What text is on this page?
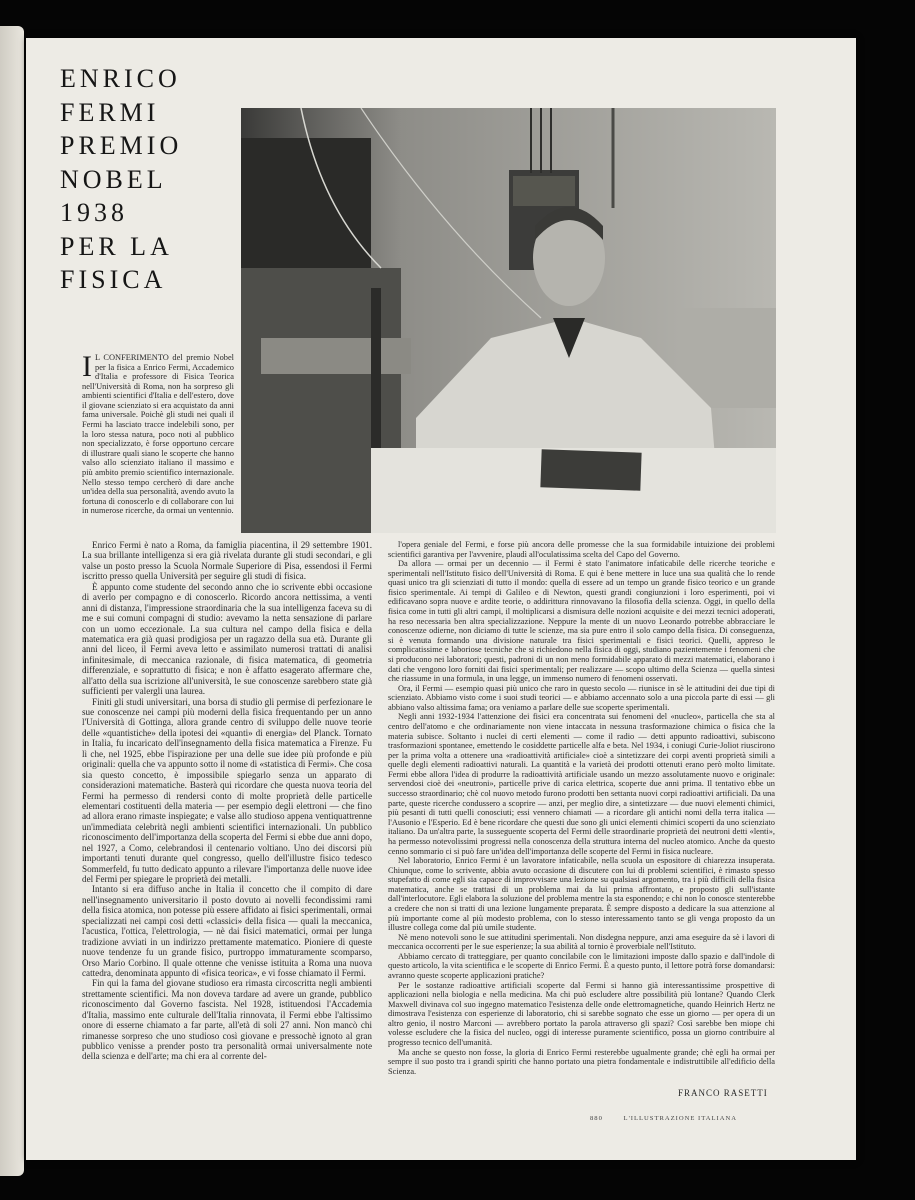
ENRICO
FERMI
PREMIO
NOBEL
1938
PER LA
FISICA

I L CONFERIMENTO del premio Nobel per la fisica a Enrico Fermi, Accademico d'Italia e professore di Fisica Teorica nell'Università di Roma, non ha sorpreso gli ambienti scientifici d'Italia e dell'estero, dove il giovane scienziato si era acquistato da anni fama universale. Poichè gli studi nei quali il Fermi ha lasciato tracce indelebili sono, per la loro stessa natura, poco noti al pubblico non specializzato, è forse opportuno cercare di illustrare quali siano le scoperte che hanno valso allo scienziato italiano il massimo e più ambito premio scientifico internazionale. Nello stesso tempo cercherò di dare anche un'idea della sua personalità, avendo avuto la fortuna di conoscerlo e di collaborare con lui in numerose ricerche, da ormai un ventennio.

Enrico Fermi è nato a Roma, da famiglia piacentina, il 29 settembre 1901. La sua brillante intelligenza si era già rivelata durante gli studi secondari, e gli valse un posto presso la Scuola Normale Superiore di Pisa, essendosi il Fermi iscritto presso quella Università per seguire gli studi di fisica.

È appunto come studente del secondo anno che io scrivente ebbi occasione di averlo per compagno e di conoscerlo. Ricordo ancora nettissima, a venti anni di distanza, l'impressione straordinaria che la sua intelligenza faceva su di me e sui comuni compagni di studio: avevamo la netta sensazione di parlare con un uomo eccezionale. La sua cultura nel campo della fisica e della matematica era già quasi prodigiosa per un ragazzo della sua età. Durante gli anni del liceo, il Fermi aveva letto e assimilato numerosi trattati di analisi infinitesimale, di meccanica razionale, di fisica matematica, di geometria differenziale, e soprattutto di fisica; e non è affatto esagerato affermare che, all'atto della sua iscrizione all'università, le sue conoscenze sarebbero state già sufficienti per valergli una laurea.

Finiti gli studi universitari, una borsa di studio gli permise di perfezionare le sue conoscenze nei campi più moderni della fisica frequentando per un anno l'Università di Gottinga, allora grande centro di sviluppo delle nuove teorie delle «quantistiche» della ipotesi dei «quanti» di energia» del Planck. Tornato in Italia, fu incaricato dell'insegnamento della fisica matematica a Firenze. Fu lì che, nel 1925, ebbe l'ispirazione per una delle sue idee più profonde e più originali: quella che va appunto sotto il nome di «statistica di Fermi». Che cosa sia questo concetto, è impossibile spiegarlo senza un apparato di considerazioni matematiche. Basterà qui ricordare che questa nuova teoria del Fermi ha permesso di rendersi conto di molte proprietà delle particelle elementari costituenti della materia — per esempio degli elettroni — che fino ad allora erano rimaste inspiegate; e valse allo studioso appena ventiquattrenne un'immediata celebrità negli ambienti scientifici internazionali. Un pubblico riconoscimento dell'importanza della scoperta del Fermi si ebbe due anni dopo, nel 1927, a Como, celebrandosi il centenario voltiano. Uno dei discorsi più importanti tenuti durante quel congresso, quello dell'illustre fisico tedesco Sommerfeld, fu tutto dedicato appunto a rilevare l'importanza delle nuove idee del Fermi per spiegare le proprietà dei metalli.

Intanto si era diffuso anche in Italia il concetto che il compito di dare nell'insegnamento universitario il posto dovuto ai novelli fecondissimi rami della fisica atomica, non potesse più essere affidato ai fisici sperimentali, ormai specializzati nei campi così detti «classici» della fisica — quali la meccanica, l'acustica, l'ottica, l'elettrologia, — nè dai fisici matematici, ormai per lunga tradizione avviati in un indirizzo prettamente matematico. Pioniere di queste nuove tendenze fu un grande fisico, purtroppo immaturamente scomparso, Orso Mario Corbino. Il quale ottenne che venisse istituita a Roma una nuova cattedra, denominata appunto di «fisica teorica», e vi fosse chiamato il Fermi.

Fin qui la fama del giovane studioso era rimasta circoscritta negli ambienti strettamente scientifici. Ma non doveva tardare ad avere un grande, pubblico riconoscimento dal Governo fascista. Nel 1928, istituendosi l'Accademia d'Italia, massimo ente culturale dell'Italia rinnovata, il Fermi ebbe l'altissimo onore di esserne chiamato a far parte, all'età di soli 27 anni. Non mancò chi rimanesse sorpreso che uno studioso così giovane e pressochè ignoto al gran pubblico venisse a prender posto tra personalità ormai universalmente note della scienza e dell'arte; ma chi era al corrente del-

l'opera geniale del Fermi, e forse più ancora delle promesse che la sua formidabile intuizione dei problemi scientifici garantiva per l'avvenire, plaudì all'oculatissima scelta del Capo del Governo.

Da allora — ormai per un decennio — il Fermi è stato l'animatore infaticabile delle ricerche teoriche e sperimentali nell'Istituto fisico dell'Università di Roma. E qui è bene mettere in luce una sua qualità che lo rende quasi unico tra gli scienziati di tutto il mondo: quella di essere ad un tempo un grande fisico teorico e un grande fisico sperimentale. Ai tempi di Galileo e di Newton, questi grandi congiunzioni i loro esperimenti, poi vi edificavano sopra nuove e ardite teorie, o addirittura rinnovavano la filosofia della scienza. Oggi, in quello della fisica come in tutti gli altri campi, il moltiplicarsi a dismisura delle nozioni acquisite e dei mezzi tecnici adoperati, ha reso necessaria ben altra specializzazione. Neppure la mente di un nuovo Leonardo potrebbe abbracciare le conoscenze odierne, non diciamo di tutte le scienze, ma sia pure entro il solo campo della fisica. Di conseguenza, si è venuta formando una divisione naturale tra fisici sperimentali e fisici teorici. Quelli, appreso le complicatissime e laboriose tecniche che si richiedono nella fisica di oggi, studiano pazientemente i fenomeni che si producono nei laboratori; questi, padroni di un non meno formidabile apparato di mezzi matematici, elaborano i dati che vengono loro forniti dai fisici sperimentali; per realizzare — scopo ultimo della Scienza — quella sintesi che riassume in una formula, in una legge, un immenso numero di fenomeni osservati.

Ora, il Fermi — esempio quasi più unico che raro in questo secolo — riunisce in sè le attitudini dei due tipi di scienziato. Abbiamo visto come i suoi studi teorici — e abbiamo accennato solo a una piccola parte di essi — gli abbiano valso altissima fama; ora veniamo a parlare delle sue scoperte sperimentali.

Negli anni 1932-1934 l'attenzione dei fisici era concentrata sui fenomeni del «nucleo», particella che sta al centro dell'atomo e che ordinariamente non viene intaccata in nessuna trasformazione chimica o fisica che la materia subisce. Soltanto i nuclei di certi elementi — come il radio — detti appunto radioattivi, subiscono trasformazioni spontanee, emettendo le cosiddette particelle alfa e beta. Nel 1934, i coniugi Curie-Joliot riuscirono per la prima volta a ottenere una «radioattività artificiale» cioè a sintetizzare dei corpi aventi proprietà simili a quelle degli elementi radioattivi naturali. La quantità e la varietà dei prodotti ottenuti erano però molto limitate. Fermi ebbe allora l'idea di produrre la radioattività artificiale usando un mezzo assolutamente nuovo e originale: servendosi cioè dei «neutroni», particelle prive di carica elettrica, scoperte due anni prima. Il tentativo ebbe un successo straordinario; chè col nuovo metodo furono prodotti ben settanta nuovi corpi radioattivi artificiali. Da una parte, queste ricerche condussero a scoprire — anzi, per meglio dire, a sintetizzare — due nuovi elementi chimici, più pesanti di tutti quelli conosciuti; essi vennero chiamati — a ricordare gli antichi nomi della terra italica — l'Ausonio e l'Esperio. Ed è bene ricordare che questi due sono gli unici elementi chimici scoperti da uno scienziato italiano. Da un'altra parte, la susseguente scoperta del Fermi delle straordinarie proprietà dei neutroni detti «lenti», ha permesso notevolissimi progressi nella conoscenza della struttura interna del nucleo atomico. Anche da questo cenno sommario ci si può fare un'idea dell'importanza delle scoperte del Fermi in fisica nucleare.

Nel laboratorio, Enrico Fermi è un lavoratore infaticabile, nella scuola un espositore di chiarezza insuperata. Chiunque, come lo scrivente, abbia avuto occasione di discutere con lui di problemi scientifici, è rimasto spesso stupefatto di come egli sia capace di improvvisare una lezione su qualsiasi argomento, tra i più difficili della fisica matematica, anche se trattasi di un problema mai da lui prima affrontato, e proposto gli sull'istante dall'interlocutore. Egli elabora la soluzione del problema mentre la sta esponendo; e chi non lo conosce stenterebbe a credere che non si tratti di una lezione lungamente preparata. È sempre disposto a dedicare la sua attenzione al più importante come al più modesto problema, con lo stesso interessamento tanto se gli venga proposto da un illustre collega come dal più umile studente.

Nè meno notevoli sono le sue attitudini sperimentali. Non disdegna neppure, anzi ama eseguire da sè i lavori di meccanica occorrenti per le sue esperienze; la sua abilità al tornio è proverbiale nell'Istituto.

Abbiamo cercato di tratteggiare, per quanto concilabile con le limitazioni imposte dallo spazio e dall'indole di questo articolo, la vita scientifica e le scoperte di Enrico Fermi. È a questo punto, il lettore potrà forse domandarsi: avranno queste scoperte applicazioni pratiche?

Per le sostanze radioattive artificiali scoperte dal Fermi si hanno già interessantissime prospettive di applicazioni nella biologia e nella medicina. Ma chi può escludere altre possibilità più lontane? Quando Clerk Maxwell divinava col suo ingegno matematico l'esistenza delle onde elettromagnetiche, quando Heinrich Hertz ne dimostrava l'esistenza con esperienze di laboratorio, chi si sarebbe sognato che esse un giorno — per opera di un altro genio, il nostro Marconi — avrebbero portato la parola attraverso gli spazi? Così sarebbe ben miope chi volesse escludere che la fisica del nucleo, oggi di interesse puramente scientifico, possa un giorno contribuire al progresso tecnico dell'umanità.

Ma anche se questo non fosse, la gloria di Enrico Fermi resterebbe ugualmente grande; chè egli ha ormai per sempre il suo posto tra i grandi spiriti che hanno portato una pietra fondamentale e indistruttibile all'edificio della Scienza.

FRANCO RASETTI
880	L'ILLUSTRAZIONE ITALIANA
